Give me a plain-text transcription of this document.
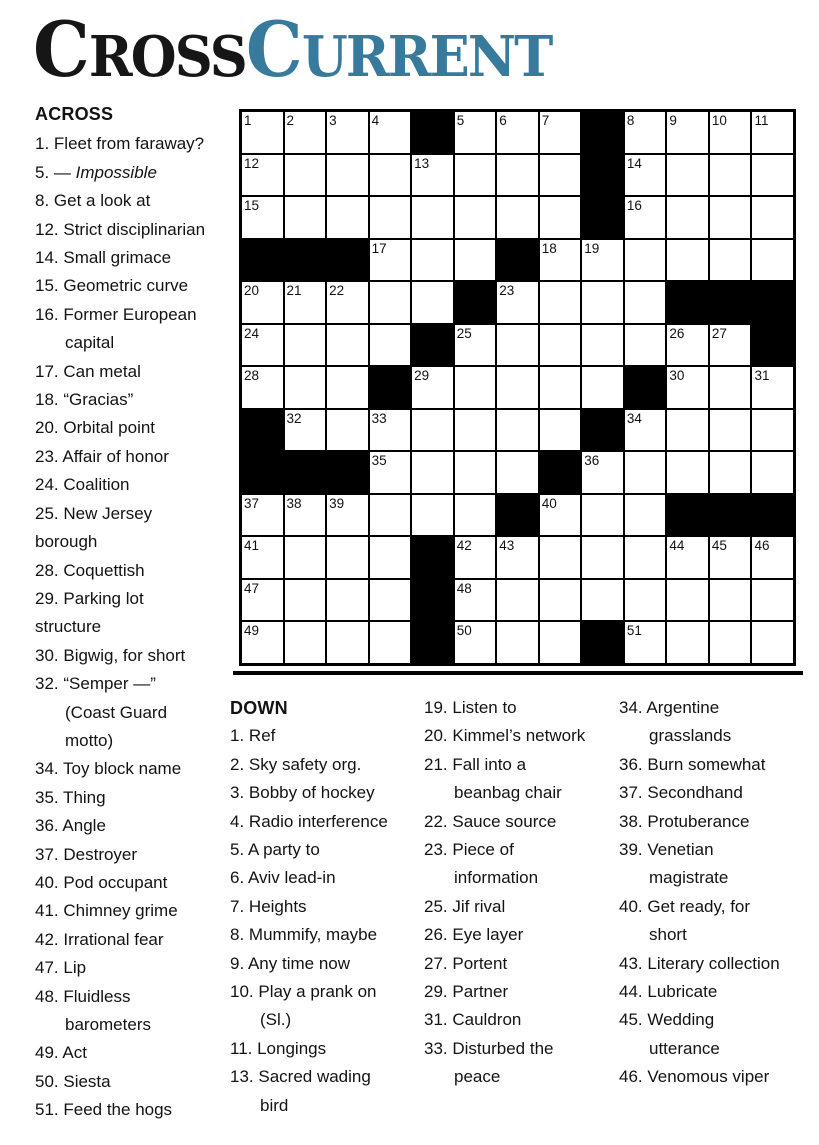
CROSSCURRENT
ACROSS
1. Fleet from faraway?
5. — Impossible
8. Get a look at
12. Strict disciplinarian
14. Small grimace
15. Geometric curve
16. Former European
capital
17. Can metal
18. “Gracias”
20. Orbital point
23. Affair of honor
24. Coalition
25. New Jersey
borough
28. Coquettish
29. Parking lot
structure
30. Bigwig, for short
32. “Semper —”
(Coast Guard
motto)
34. Toy block name
35. Thing
36. Angle
37. Destroyer
40. Pod occupant
41. Chimney grime
42. Irrational fear
47. Lip
48. Fluidless
barometers
49. Act
50. Siesta
51. Feed the hogs
1	2	3	4	5	6	7	8	9	10 11
12	13	14
15	16
17	18 19
20 21 22	23
24	25	26 27
28	29	30	31
32	33	34
35	36
37 38 39	40
41	42 43	44 45 46
47	48
49	50	51
DOWN
1. Ref
2. Sky safety org.
3. Bobby of hockey
4. Radio interference
5. A party to
6. Aviv lead-in
7. Heights
8. Mummify, maybe
9. Any time now
10. Play a prank on
(Sl.)
11. Longings
13. Sacred wading
bird
19. Listen to
20. Kimmel’s network
21. Fall into a
beanbag chair
22. Sauce source
23. Piece of
information
25. Jif rival
26. Eye layer
27. Portent
29. Partner
31. Cauldron
33. Disturbed the
peace
34. Argentine
grasslands
36. Burn somewhat
37. Secondhand
38. Protuberance
39. Venetian
magistrate
40. Get ready, for
short
43. Literary collection
44. Lubricate
45. Wedding
utterance
46. Venomous viper
